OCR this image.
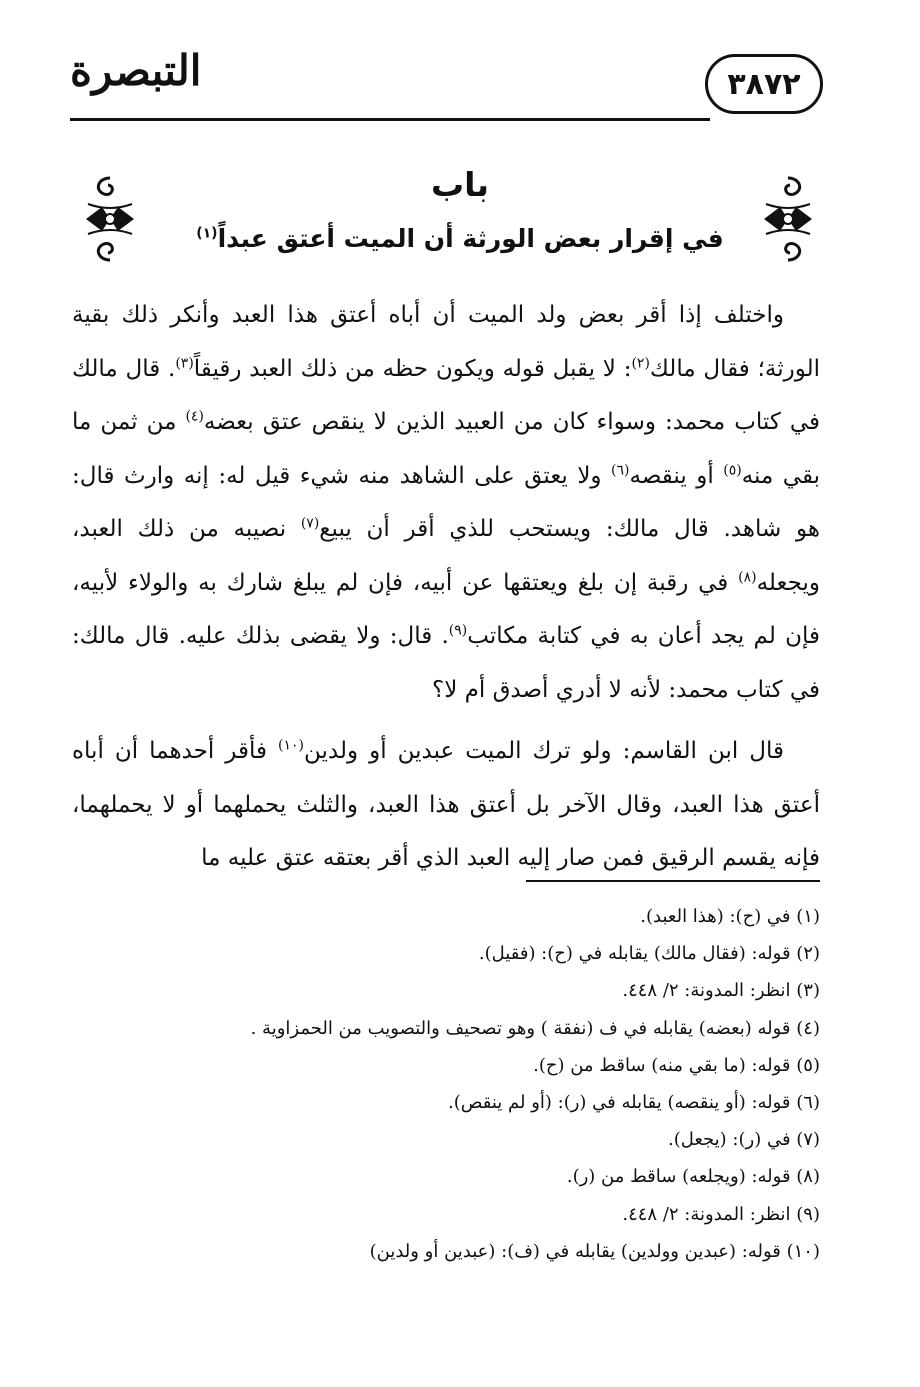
التبصرة	٣٨٧٢
باب
في إقرار بعض الورثة أن الميت أعتق عبداً$^{(١)}$

واختلف إذا أقر بعض ولد الميت أن أباه أعتق هذا العبد وأنكر ذلك بقية الورثة؛ فقال مالك$^{(٢)}$: لا يقبل قوله ويكون حظه من ذلك العبد رقيقاً$^{(٣)}$. قال مالك في كتاب محمد: وسواء كان من العبيد الذين لا ينقص عتق بعضه$^{(٤)}$ من ثمن ما بقي منه$^{(٥)}$ أو ينقصه$^{(٦)}$ ولا يعتق على الشاهد منه شيء قيل له: إنه وارث قال: هو شاهد. قال مالك: ويستحب للذي أقر أن يبيع$^{(٧)}$ نصيبه من ذلك العبد، ويجعله$^{(٨)}$ في رقبة إن بلغ ويعتقها عن أبيه، فإن لم يبلغ شارك به والولاء لأبيه، فإن لم يجد أعان به في كتابة مكاتب$^{(٩)}$. قال: ولا يقضى بذلك عليه. قال مالك: في كتاب محمد: لأنه لا أدري أصدق أم لا؟

قال ابن القاسم: ولو ترك الميت عبدين أو ولدين$^{(١٠)}$ فأقر أحدهما أن أباه أعتق هذا العبد، وقال الآخر بل أعتق هذا العبد، والثلث يحملهما أو لا يحملهما، فإنه يقسم الرقيق فمن صار إليه العبد الذي أقر بعتقه عتق عليه ما

(١) في (ح): (هذا العبد).
(٢) قوله: (فقال مالك) يقابله في (ح): (فقيل).
(٣) انظر: المدونة: ٢/ ٤٤٨.
(٤) قوله (بعضه) يقابله في ف (نفقة ) وهو تصحيف والتصويب من الحمزاوية .
(٥) قوله: (ما بقي منه) ساقط من (ح).
(٦) قوله: (أو ينقصه) يقابله في (ر): (أو لم ينقص).
(٧) في (ر): (يجعل).
(٨) قوله: (ويجلعه) ساقط من (ر).
(٩) انظر: المدونة: ٢/ ٤٤٨.
(١٠) قوله: (عبدين وولدين) يقابله في (ف): (عبدين أو ولدين)
